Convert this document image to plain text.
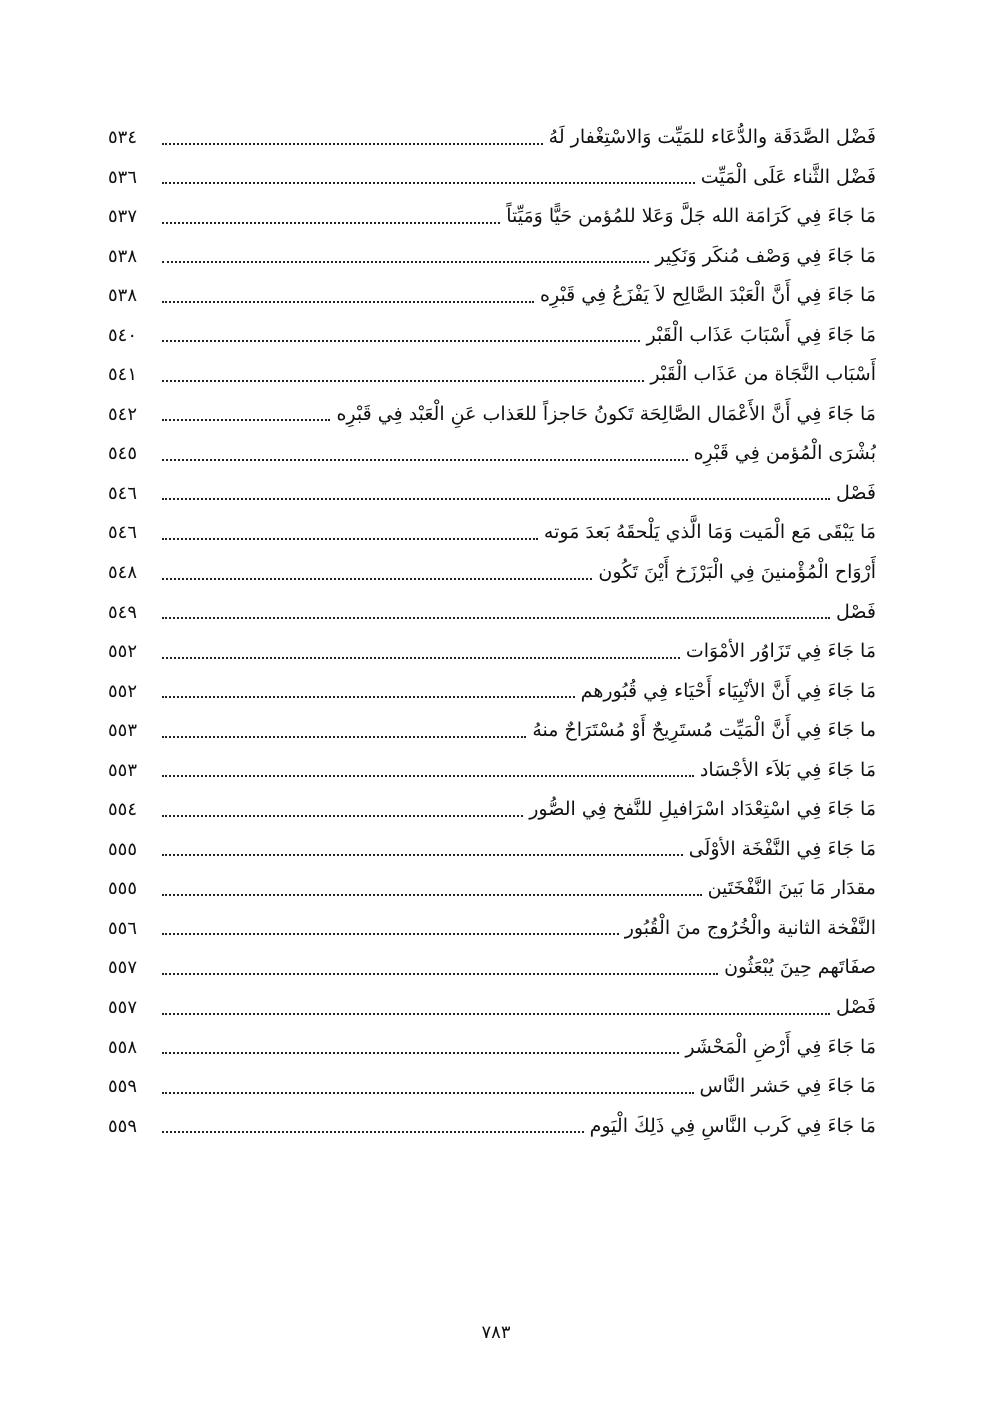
فَضْل الصَّدَقَة والدُّعَاء للمَيِّت وَالاسْتِغْفار لَهُ
٥٣٤
فَضْل الثَّناء عَلَى الْمَيِّت
٥٣٦
مَا جَاءَ فِي كَرَامَة الله جَلَّ وَعَلا للمُؤمن حَيًّا وَمَيِّتاً
٥٣٧
مَا جَاءَ فِي وَصْف مُنكَر وَنَكِير
٥٣٨
مَا جَاءَ فِي أَنَّ الْعَبْدَ الصَّالِح لاَ يَفْزَعُ فِي قَبْرِه
٥٣٨
مَا جَاءَ فِي أَسْبَابَ عَذَاب الْقَبْر
٥٤٠
أَسْبَاب النَّجَاة من عَذَاب الْقَبْر
٥٤١
مَا جَاءَ فِي أَنَّ الأَعْمَال الصَّالِحَة تَكونُ حَاجزاً للعَذاب عَنِ الْعَبْد فِي قَبْرِه
٥٤٢
بُشْرَى الْمُؤمن فِي قَبْرِه
٥٤٥
فَصْل
٥٤٦
مَا يَبْقَى مَع الْمَيت وَمَا الَّذي يَلْحقَهُ بَعدَ مَوته
٥٤٦
أَرْوَاح الْمُؤْمنينَ فِي الْبَرْزَخ أَيْنَ تَكُون
٥٤٨
فَصْل
٥٤٩
مَا جَاءَ فِي تَزَاوُر الأمْوَات
٥٥٢
مَا جَاءَ فِي أَنَّ الأنْبِيَاء أَحْيَاء فِي قُبُورهم
٥٥٢
ما جَاءَ فِي أَنَّ الْمَيِّت مُستَرِيحٌ أَوْ مُسْتَرَاحٌ منهُ
٥٥٣
مَا جَاءَ فِي بَلاَء الأجْسَاد
٥٥٣
مَا جَاءَ فِي اسْتِعْدَاد اسْرَافيلِ للنَّفخ فِي الصُّور
٥٥٤
مَا جَاءَ فِي النَّفْخَة الأوْلَى
٥٥٥
مقدَار مَا بَينَ النَّفْخَتَين
٥٥٥
النَّفْخة الثانية والْخُرُوج منَ الْقُبُور
٥٥٦
صفَاتَهم حِينَ يُبْعَثُون
٥٥٧
فَصْل
٥٥٧
مَا جَاءَ فِي أَرْضِ الْمَحْشَر
٥٥٨
مَا جَاءَ فِي حَشر النَّاس
٥٥٩
مَا جَاءَ فِي كَرب النَّاسِ فِي ذَلِكَ الْيَوم
٥٥٩
٧٨٣
